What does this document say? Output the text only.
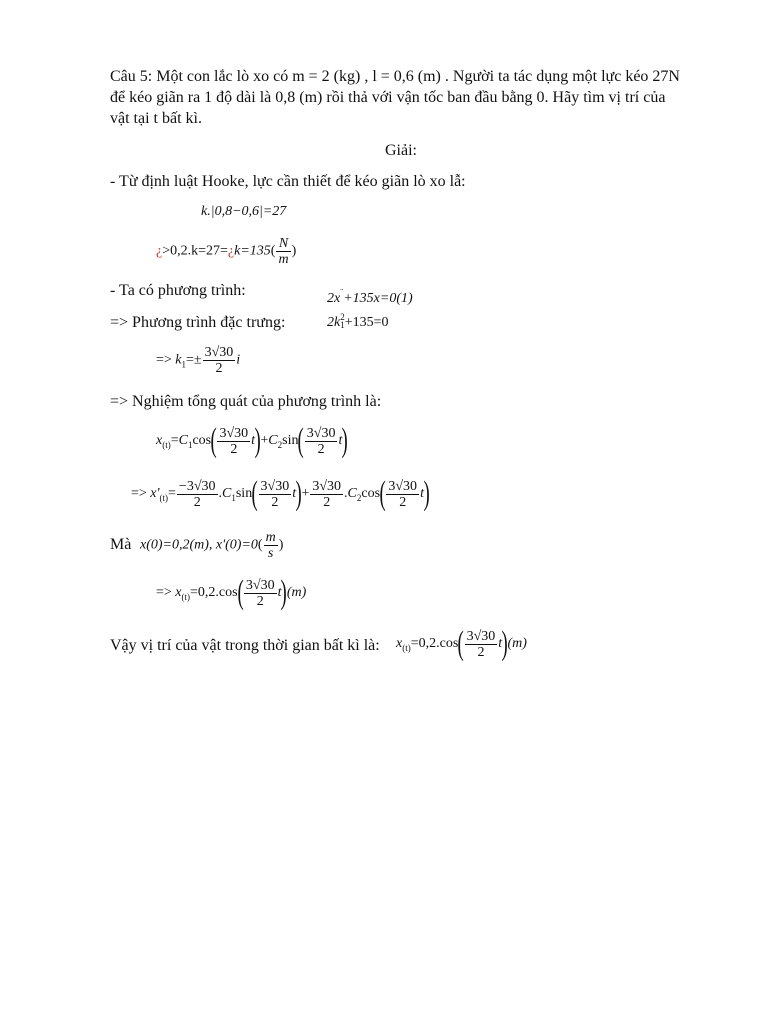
Câu 5: Một con lắc lò xo có m = 2 (kg) , l = 0,6 (m) . Người ta tác dụng một lực kéo 27N để kéo giãn ra 1 độ dài là 0,8 (m) rồi thả với vận tốc ban đầu bằng 0. Hãy tìm vị trí của vật tại t bất kì.
Giải:
- Từ định luật Hooke, lực cần thiết để kéo giãn lò xo lẫ:
k.|0,8−0,6|=27
¿>0,2.k=27=¿k=135( $\frac{N}{m}$ )
- Ta có phương trình:	2x¨+135x=0(1)
=> Phương trình đặc trưng:	2k 2
1 +135=0
=> $k_1=\pm \frac{3√30}{2}$ i
=> Nghiệm tổng quát của phương trình là:
$x_{(t)}=C_1\cos( \frac{3√30}{2} t)+C_2\sin( \frac{3√30}{2} t)$
=> $x'_{(t)}= \frac{-3√30}{2} .C_1\sin( \frac{3√30}{2} t)+ \frac{3√30}{2} .C_2\cos( \frac{3√30}{2} t)$
Mà x(0)=0,2(m), $x'(0)=0( \frac{m}{s}$ )
=> $x_{(t)}=0,2.\cos( \frac{3√30}{2} t)(m)$
Vậy vị trí của vật trong thời gian bất kì là: $x_{(t)}=0,2.\cos( \frac{3√30}{2} t)(m)$
